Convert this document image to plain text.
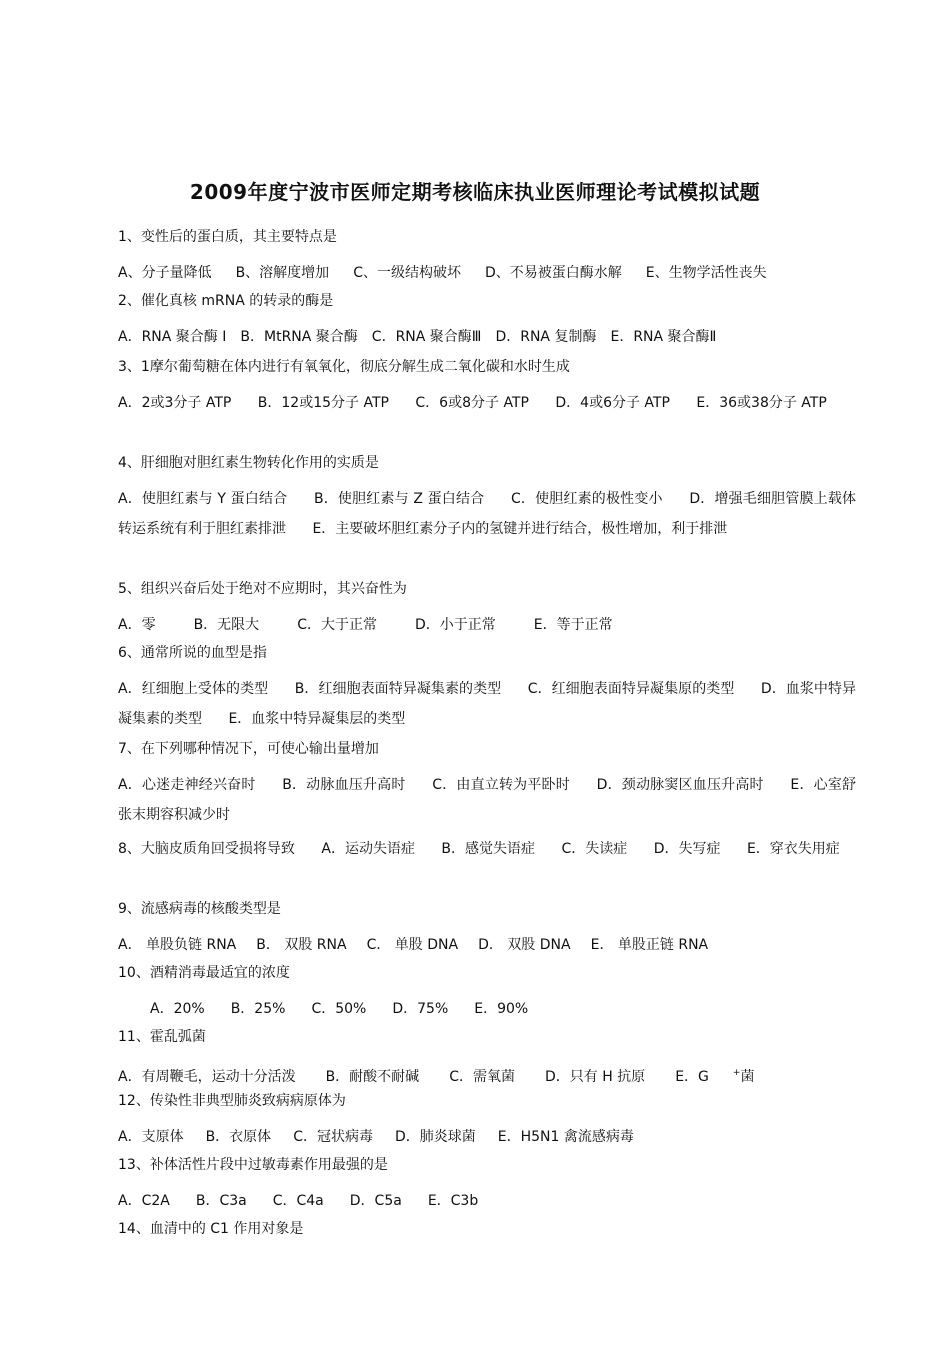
2009年度宁波市医师定期考核临床执业医师理论考试模拟试题

1、变性后的蛋白质，其主要特点是

A、分子量降低 B、溶解度增加 C、一级结构破坏 D、不易被蛋白酶水解 E、生物学活性丧失

2、催化真核 mRNA 的转录的酶是

A．RNA 聚合酶 Ⅰ B．MtRNA 聚合酶 C．RNA 聚合酶Ⅲ D．RNA 复制酶 E．RNA 聚合酶Ⅱ

3、1摩尔葡萄糖在体内进行有氧氧化，彻底分解生成二氧化碳和水时生成

A．2或3分子 ATP B．12或15分子 ATP C．6或8分子 ATP D．4或6分子 ATP E．36或38分子 ATP

4、肝细胞对胆红素生物转化作用的实质是

A．使胆红素与 Y 蛋白结合 B．使胆红素与 Z 蛋白结合 C．使胆红素的极性变小 D．增强毛细胆管膜上载体转运系统有利于胆红素排泄 E．主要破坏胆红素分子内的氢键并进行结合，极性增加，利于排泄

5、组织兴奋后处于绝对不应期时，其兴奋性为

A．零	B．无限大	C．大于正常	D．小于正常	E．等于正常

6、通常所说的血型是指

A．红细胞上受体的类型 B．红细胞表面特异凝集素的类型 C．红细胞表面特异凝集原的类型 D．血浆中特异凝集素的类型 E．血浆中特异凝集层的类型

7、在下列哪种情况下，可使心输出量增加

A．心迷走神经兴奋时 B．动脉血压升高时 C．由直立转为平卧时 D．颈动脉窦区血压升高时 E．心室舒张末期容积减少时

8、大脑皮质角回受损将导致 A．运动失语症 B．感觉失语症 C．失读症 D．失写症 E．穿衣失用症

9、流感病毒的核酸类型是

A． 单股负链 RNA B． 双股 RNA C． 单股 DNA D． 双股 DNA E． 单股正链 RNA

10、酒精消毒最适宜的浓度

A．20% B．25% C．50% D．75% E．90%

11、霍乱弧菌

A．有周鞭毛，运动十分活泼 B．耐酸不耐碱 C．需氧菌 D．只有 H 抗原 E．G	+菌

12、传染性非典型肺炎致病病原体为

A．支原体 B．衣原体 C．冠状病毒 D．肺炎球菌 E．H5N1 禽流感病毒

13、补体活性片段中过敏毒素作用最强的是

A．C2A B．C3a C．C4a D．C5a E．C3b

14、血清中的 C1 作用对象是
